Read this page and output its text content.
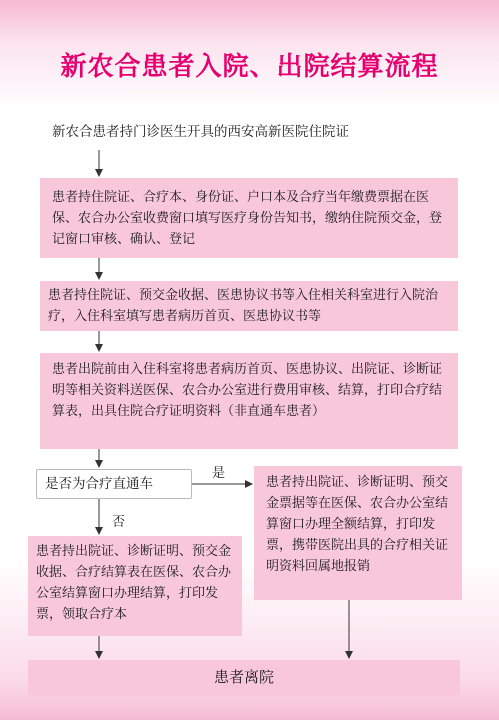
新农合患者入院、出院结算流程
新农合患者持门诊医生开具的西安高新医院住院证
患者持住院证、合疗本、身份证、户口本及合疗当年缴费票据在医保、农合办公室收费窗口填写医疗身份告知书，缴纳住院预交金，登记窗口审核、确认、登记
患者持住院证、预交金收据、医患协议书等入住相关科室进行入院治疗，入住科室填写患者病历首页、医患协议书等
患者出院前由入住科室将患者病历首页、医患协议、出院证、诊断证明等相关资料送医保、农合办公室进行费用审核、结算，打印合疗结算表，出具住院合疗证明资料（非直通车患者）
是否为合疗直通车
是
否
患者持出院证、诊断证明、预交金票据等在医保、农合办公室结算窗口办理全额结算，打印发票，携带医院出具的合疗相关证明资料回属地报销
患者持出院证、诊断证明、预交金收据、合疗结算表在医保、农合办公室结算窗口办理结算，打印发票，领取合疗本
患者离院
